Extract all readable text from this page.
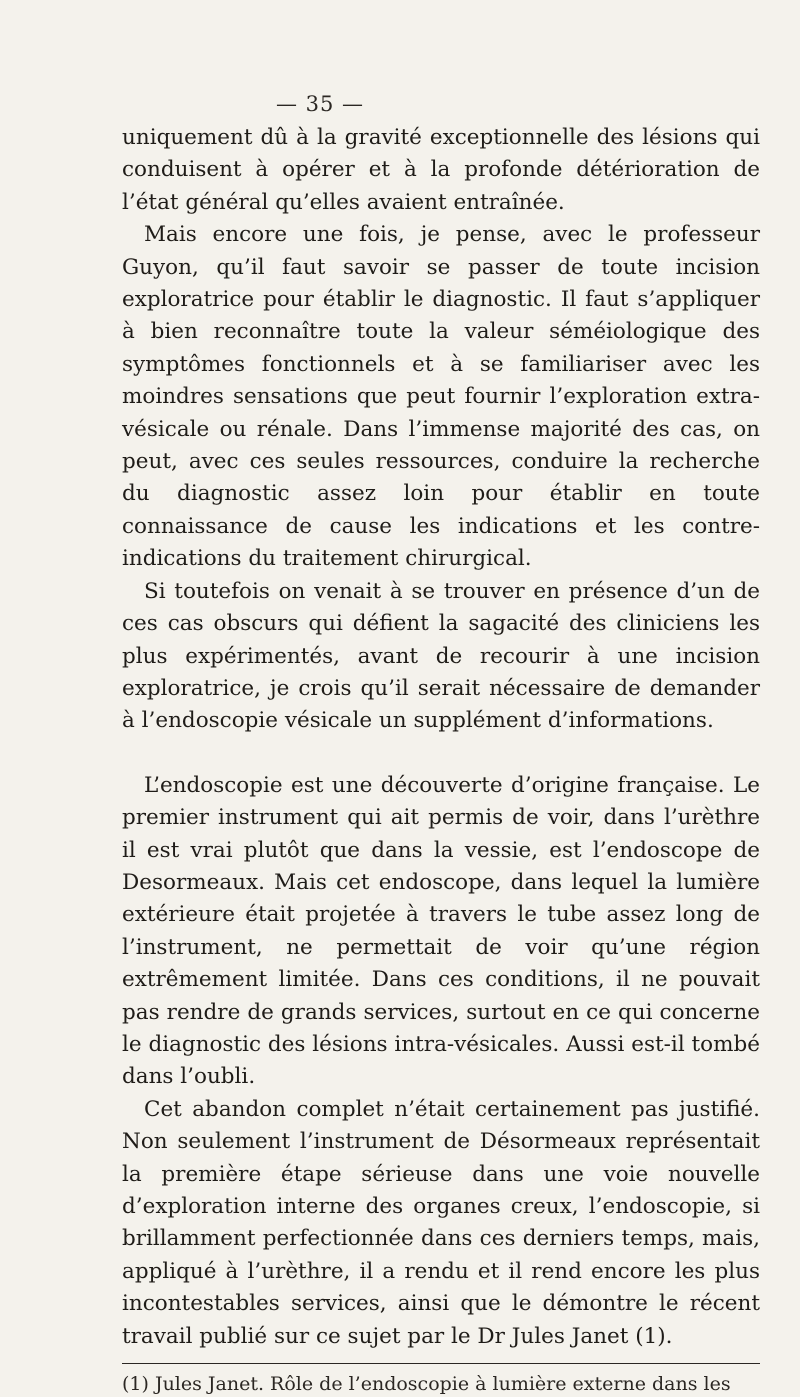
— 35 —

uniquement dû à la gravité exceptionnelle des lésions qui conduisent à opérer et à la profonde détérioration de l’état général qu’elles avaient entraînée.

Mais encore une fois, je pense, avec le professeur Guyon, qu’il faut savoir se passer de toute incision exploratrice pour établir le diagnostic. Il faut s’appliquer à bien reconnaître toute la valeur séméiologique des symptômes fonctionnels et à se familiariser avec les moindres sensations que peut fournir l’exploration extra-vésicale ou rénale. Dans l’immense majorité des cas, on peut, avec ces seules ressources, conduire la recherche du diagnostic assez loin pour établir en toute connaissance de cause les indications et les contre-indications du traitement chirurgical.

Si toutefois on venait à se trouver en présence d’un de ces cas obscurs qui défient la sagacité des cliniciens les plus expérimentés, avant de recourir à une incision exploratrice, je crois qu’il serait nécessaire de demander à l’endoscopie vésicale un supplément d’informations.

L’endoscopie est une découverte d’origine française. Le premier instrument qui ait permis de voir, dans l’urèthre il est vrai plutôt que dans la vessie, est l’endoscope de Desormeaux. Mais cet endoscope, dans lequel la lumière extérieure était projetée à travers le tube assez long de l’instrument, ne permettait de voir qu’une région extrêmement limitée. Dans ces conditions, il ne pouvait pas rendre de grands services, surtout en ce qui concerne le diagnostic des lésions intra-vésicales. Aussi est-il tombé dans l’oubli.

Cet abandon complet n’était certainement pas justifié. Non seulement l’instrument de Désormeaux représentait la première étape sérieuse dans une voie nouvelle d’exploration interne des organes creux, l’endoscopie, si brillamment perfectionnée dans ces derniers temps, mais, appliqué à l’urèthre, il a rendu et il rend encore les plus incontestables services, ainsi que le démontre le récent travail publié sur ce sujet par le Dr Jules Janet (1).

(1) Jules Janet. Rôle de l’endoscopie à lumière externe dans les
